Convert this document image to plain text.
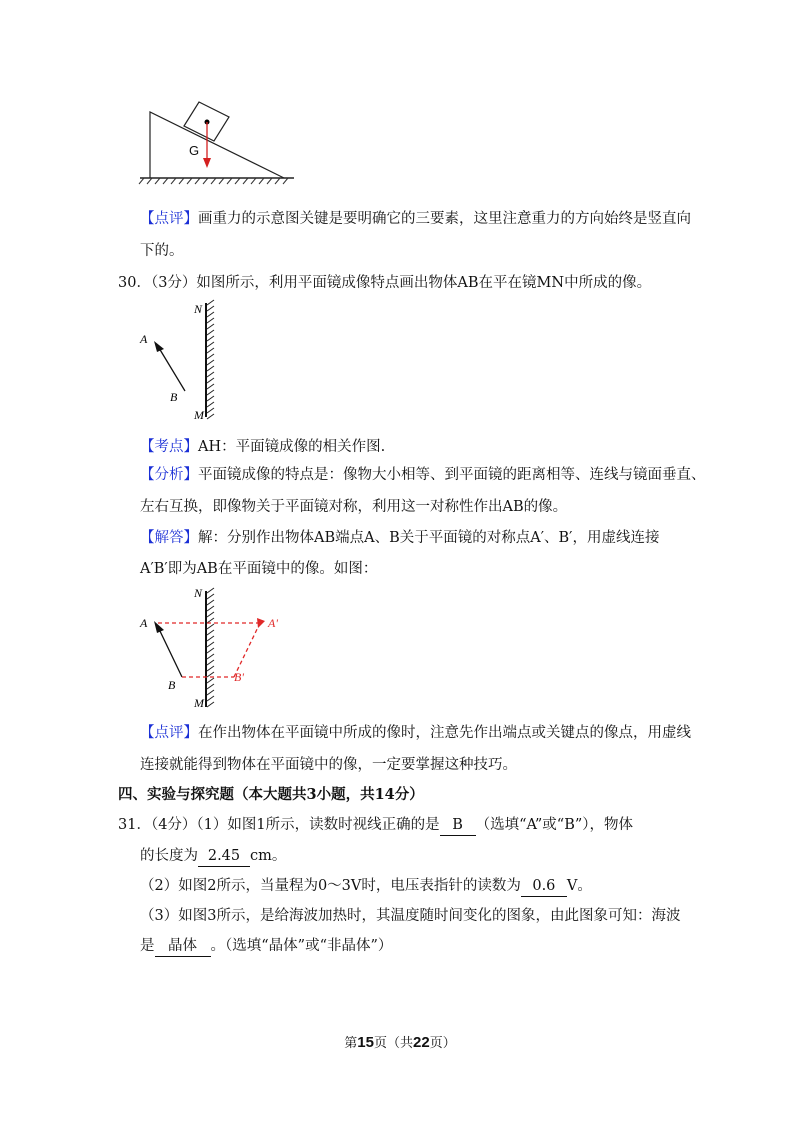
G
【点评】画重力的示意图关键是要明确它的三要素，这里注意重力的方向始终是竖直向
下的。
30．（3分）如图所示，利用平面镜成像特点画出物体AB在平在镜MN中所成的像。
N
M
A
B
【考点】AH：平面镜成像的相关作图.
【分析】平面镜成像的特点是：像物大小相等、到平面镜的距离相等、连线与镜面垂直、
左右互换，即像物关于平面镜对称，利用这一对称性作出AB的像。
【解答】解：分别作出物体AB端点A、B关于平面镜的对称点A′、B′，用虚线连接
A′B′即为AB在平面镜中的像。如图：
N
M
A
B
A'
B'
【点评】在作出物体在平面镜中所成的像时，注意先作出端点或关键点的像点，用虚线
连接就能得到物体在平面镜中的像，一定要掌握这种技巧。
四、实验与探究题（本大题共3小题，共14分）
31．（4分）（1）如图1所示，读数时视线正确的是 B （选填“A”或“B”），物体
的长度为 2.45 cm。
（2）如图2所示，当量程为0～3V时，电压表指针的读数为 0.6 V。
（3）如图3所示，是给海波加热时，其温度随时间变化的图象，由此图象可知：海波
是 晶体 。（选填“晶体”或“非晶体”）
第15页（共22页）
